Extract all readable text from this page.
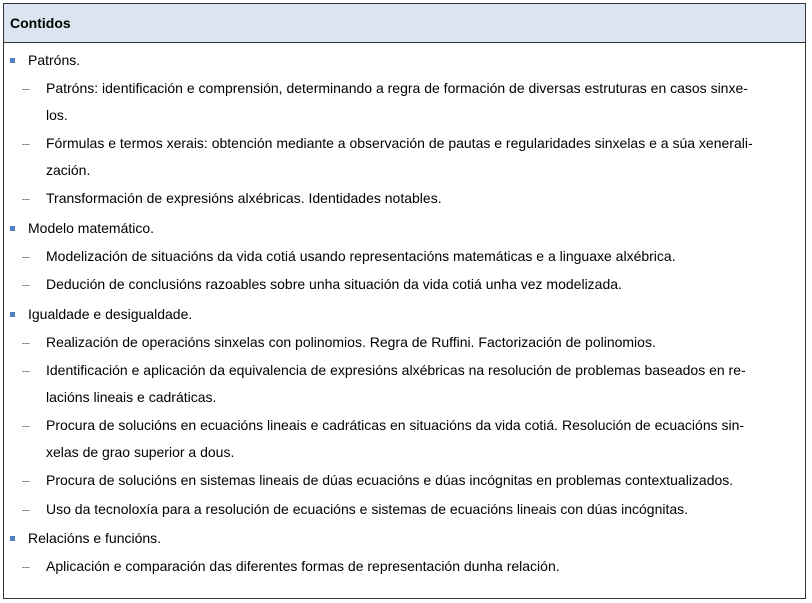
Contidos
Patróns.
– Patróns: identificación e comprensión, determinando a regra de formación de diversas estruturas en casos sinxe-
los.
– Fórmulas e termos xerais: obtención mediante a observación de pautas e regularidades sinxelas e a súa xenerali-
zación.
– Transformación de expresións alxébricas. Identidades notables.
Modelo matemático.
– Modelización de situacións da vida cotiá usando representacións matemáticas e a linguaxe alxébrica.
– Dedución de conclusións razoables sobre unha situación da vida cotiá unha vez modelizada.
Igualdade e desigualdade.
– Realización de operacións sinxelas con polinomios. Regra de Ruffini. Factorización de polinomios.
– Identificación e aplicación da equivalencia de expresións alxébricas na resolución de problemas baseados en re-
lacións lineais e cadráticas.
– Procura de solucións en ecuacións lineais e cadráticas en situacións da vida cotiá. Resolución de ecuacións sin-
xelas de grao superior a dous.
– Procura de solucións en sistemas lineais de dúas ecuacións e dúas incógnitas en problemas contextualizados.
– Uso da tecnoloxía para a resolución de ecuacións e sistemas de ecuacións lineais con dúas incógnitas.
Relacións e funcións.
– Aplicación e comparación das diferentes formas de representación dunha relación.
